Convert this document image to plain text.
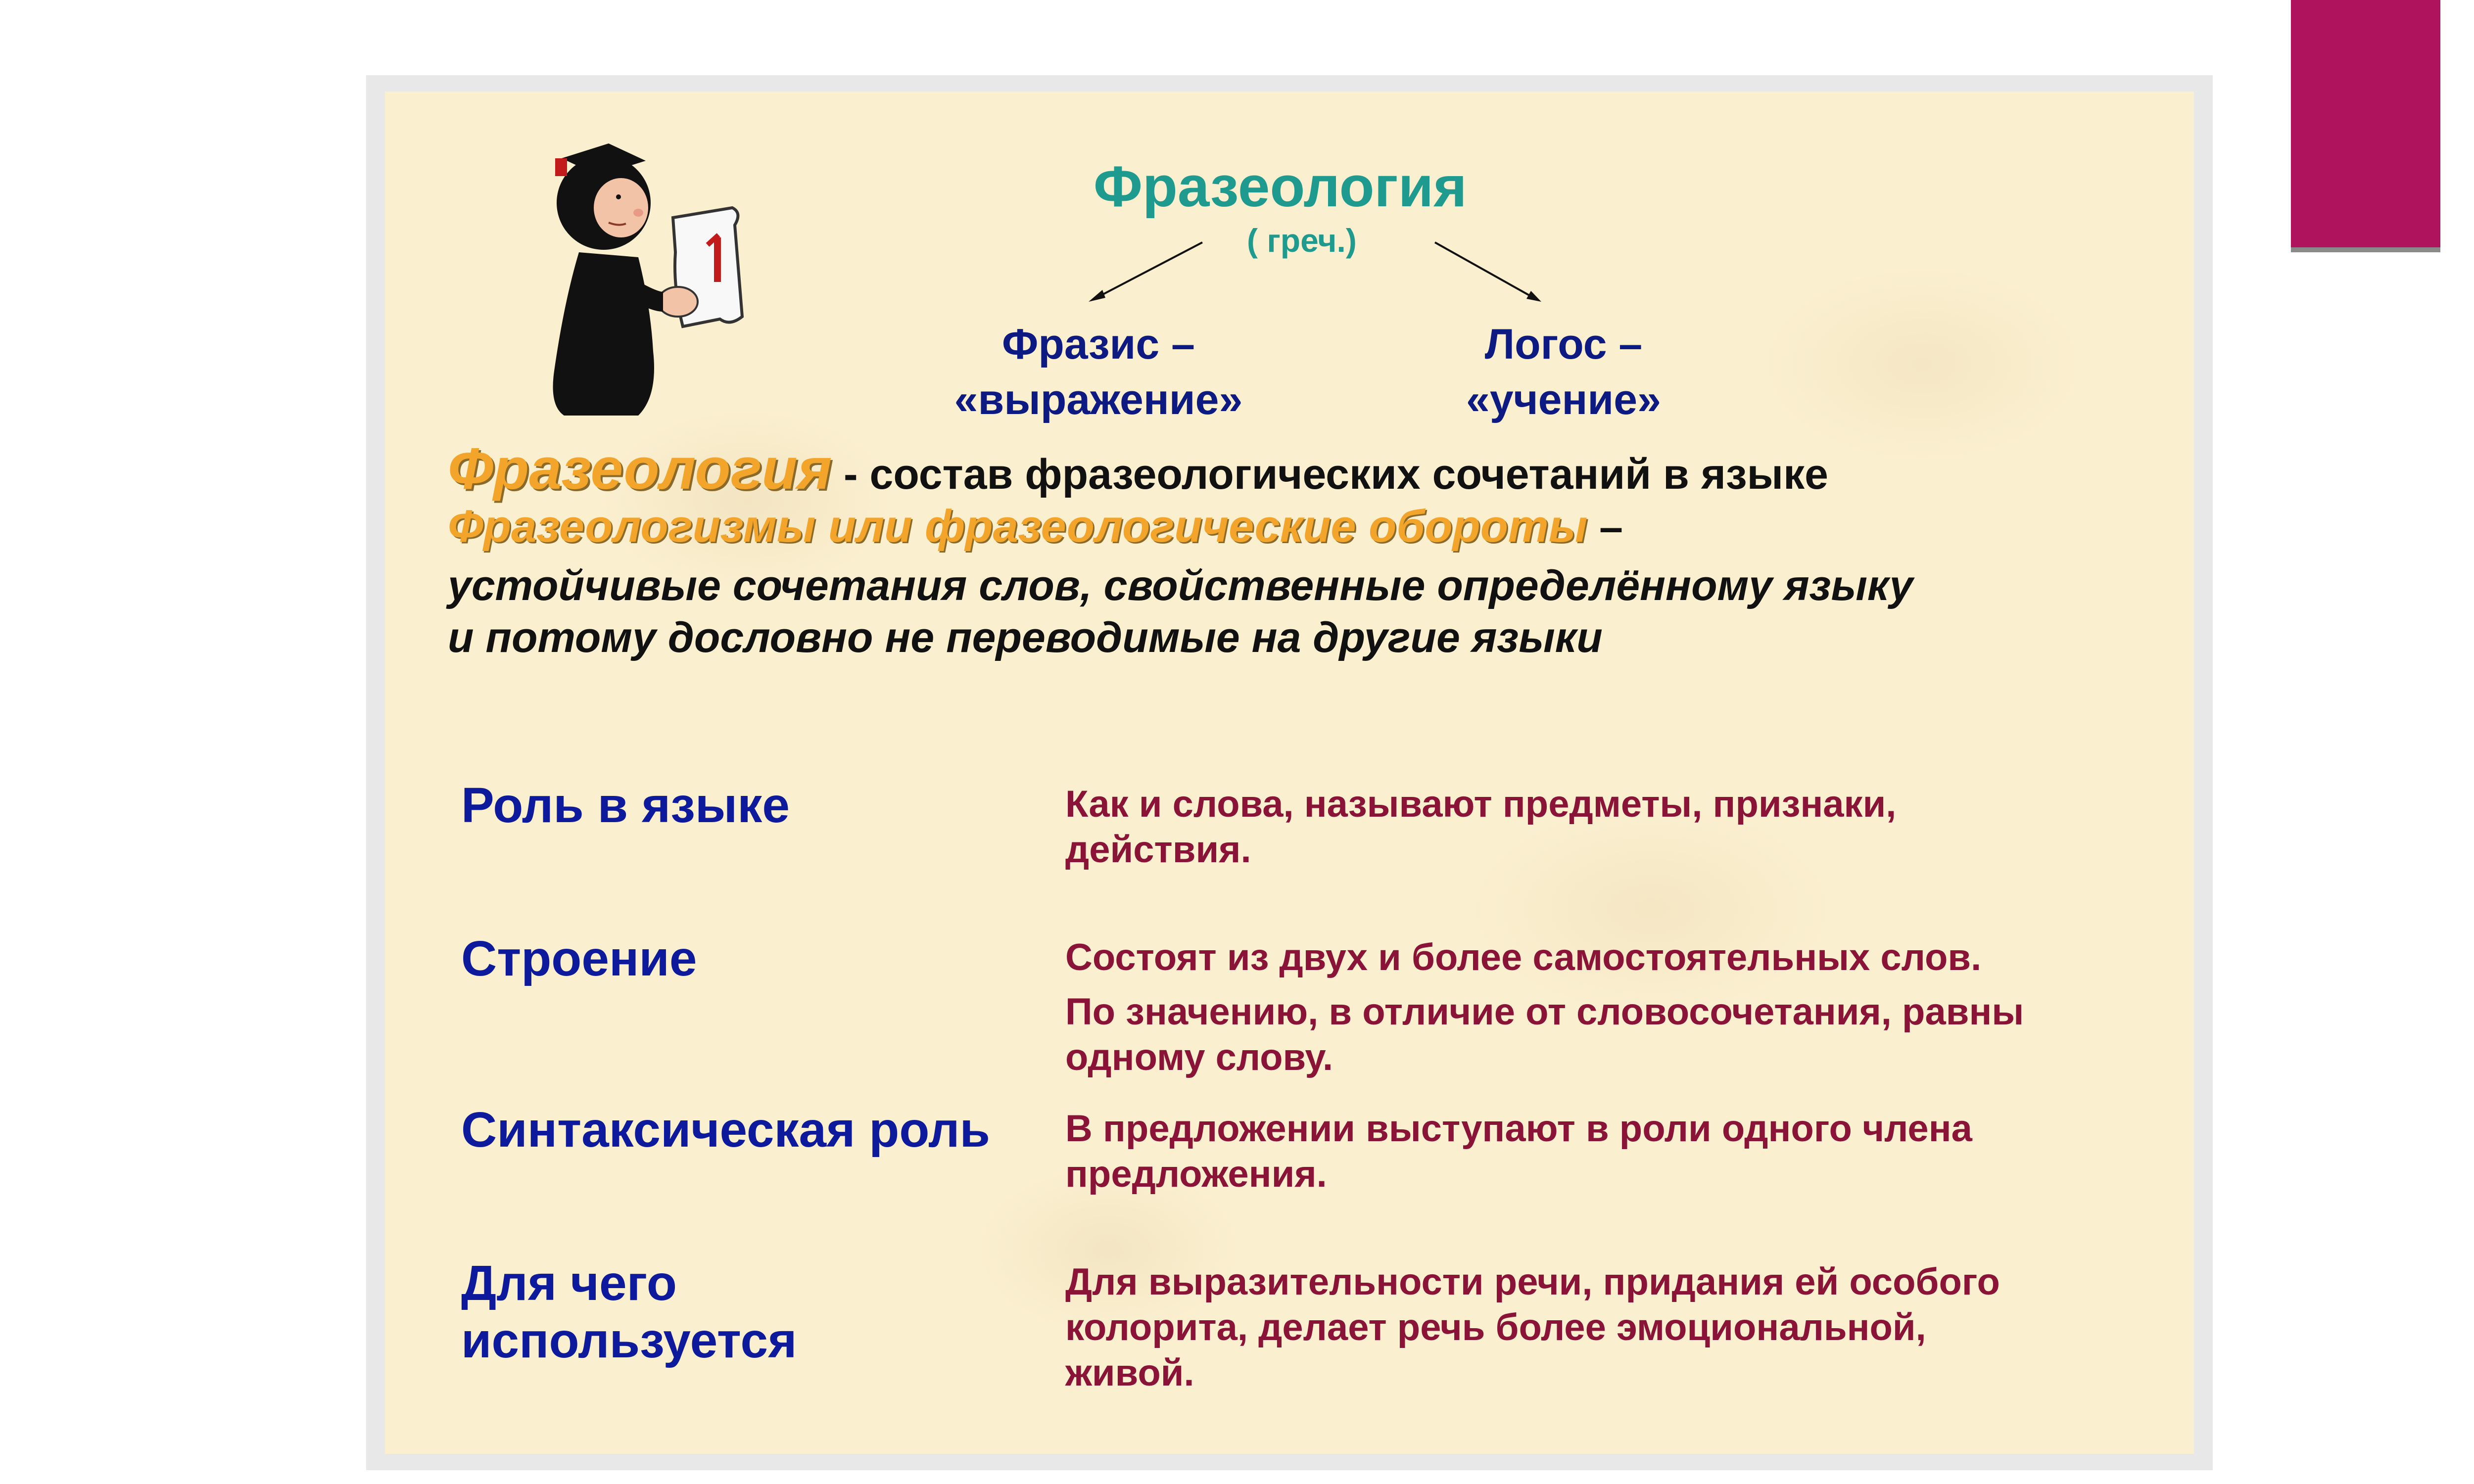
Фразеология
( греч.)
Фразис –
«выражение»
Логос –
«учение»
Фразеология - состав фразеологических сочетаний в языке
Фразеологизмы или фразеологические обороты –
устойчивые сочетания слов, свойственные определённому языку
и потому дословно не переводимые на другие языки
Роль в языке	Как и слова, называют предметы, признаки,
действия.
Строение	Состоят из двух и более самостоятельных слов.
По значению, в отличие от словосочетания, равны
одному слову.
Синтаксическая роль В предложении выступают в роли одного члена
предложения.
Для чего
используется
Для выразительности речи, придания ей особого
колорита, делает речь более эмоциональной,
живой.
